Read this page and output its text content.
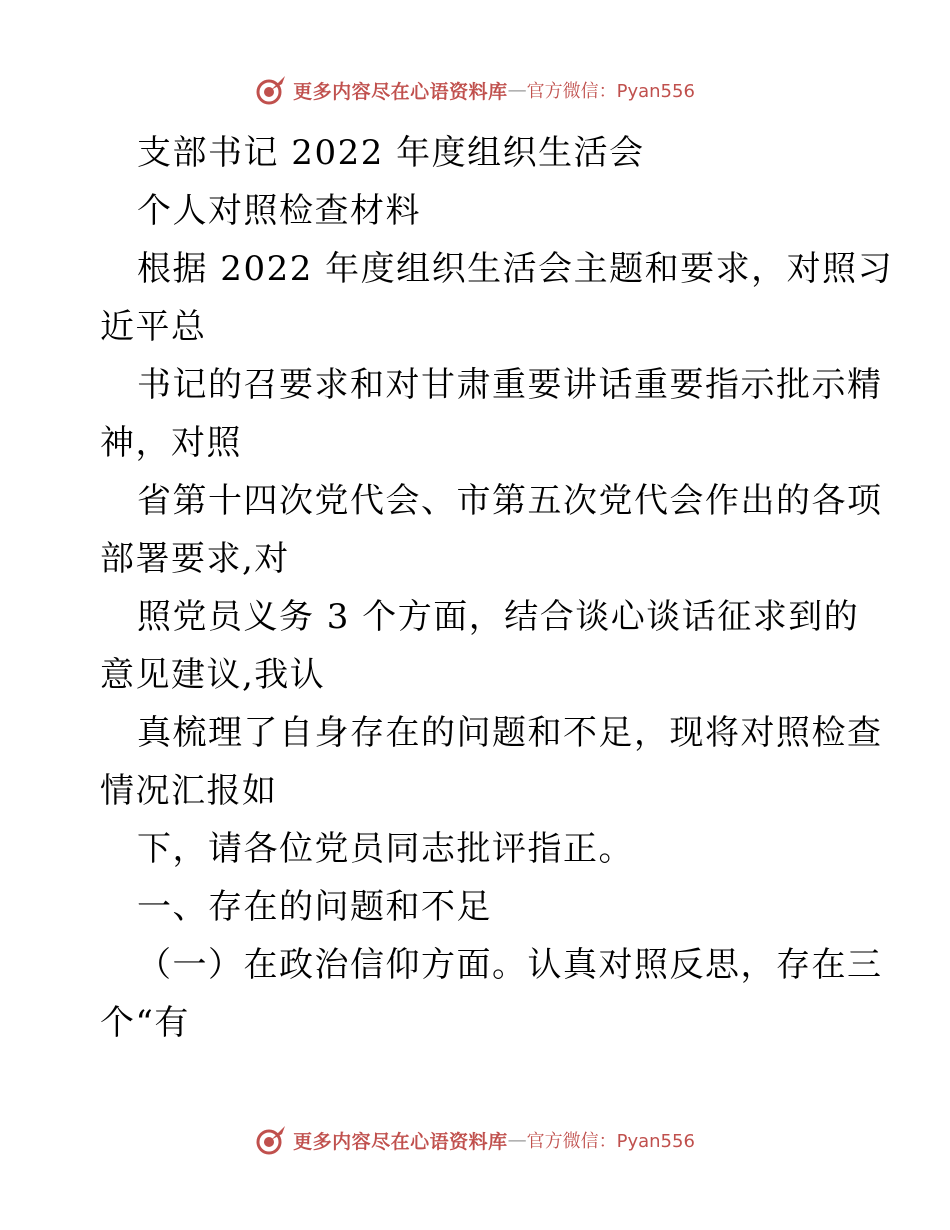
更多内容尽在心语资料库 — 官方微信：Pyan556
支部书记 2022 年度组织生活会
个人对照检查材料
根据 2022 年度组织生活会主题和要求，对照习
近平总
书记的召要求和对甘肃重要讲话重要指示批示精
神，对照
省第十四次党代会、市第五次党代会作出的各项
部署要求,对
照党员义务 3 个方面，结合谈心谈话征求到的
意见建议,我认
真梳理了自身存在的问题和不足，现将对照检查
情况汇报如
下，请各位党员同志批评指正。
一、存在的问题和不足
（一）在政治信仰方面。认真对照反思，存在三
个“有
更多内容尽在心语资料库 — 官方微信：Pyan556
